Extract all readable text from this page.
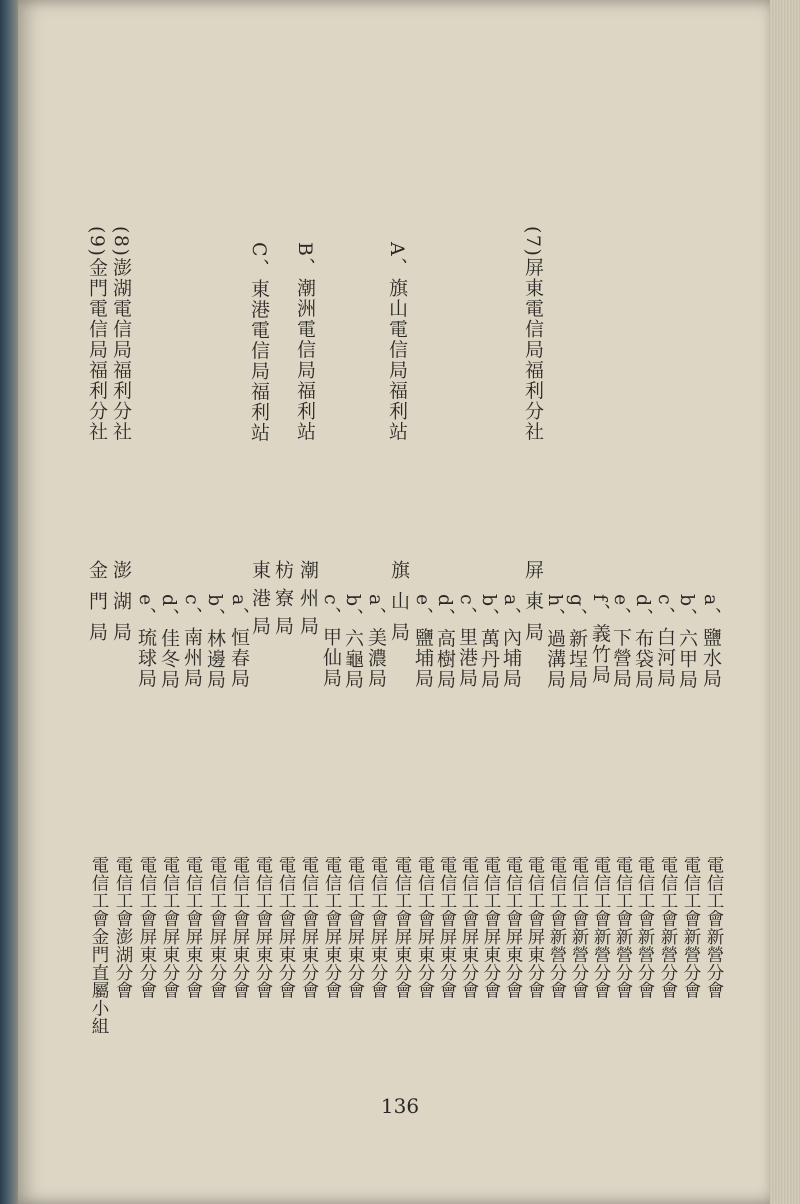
(7)屏東電信局福利分社
A、旗山電信局福利站
B、潮洲電信局福利站
C、東港電信局福利站
(8)澎湖電信局福利分社
(9)金門電信局福利分社
a、鹽水局
b、六甲局
c、白河局
d、布袋局
e、下營局
f、義竹局
g、新埕局
h、過溝局
屏東局
a、內埔局
b、萬丹局
c、里港局
d、高樹局
e、鹽埔局
旗山局
a、美濃局
b、六龜局
c、甲仙局
潮州局
枋寮局
東港局
a、恒春局
b、林邊局
c、南州局
d、佳冬局
e、琉球局
澎湖局
金門局
電信工會新營分會
電信工會新營分會
電信工會新營分會
電信工會新營分會
電信工會新營分會
電信工會新營分會
電信工會新營分會
電信工會新營分會
電信工會屏東分會
電信工會屏東分會
電信工會屏東分會
電信工會屏東分會
電信工會屏東分會
電信工會屏東分會
電信工會屏東分會
電信工會屏東分會
電信工會屏東分會
電信工會屏東分會
電信工會屏東分會
電信工會屏東分會
電信工會屏東分會
電信工會屏東分會
電信工會屏東分會
電信工會屏東分會
電信工會屏東分會
電信工會屏東分會
電信工會澎湖分會
電信工會金門直屬小組
136
